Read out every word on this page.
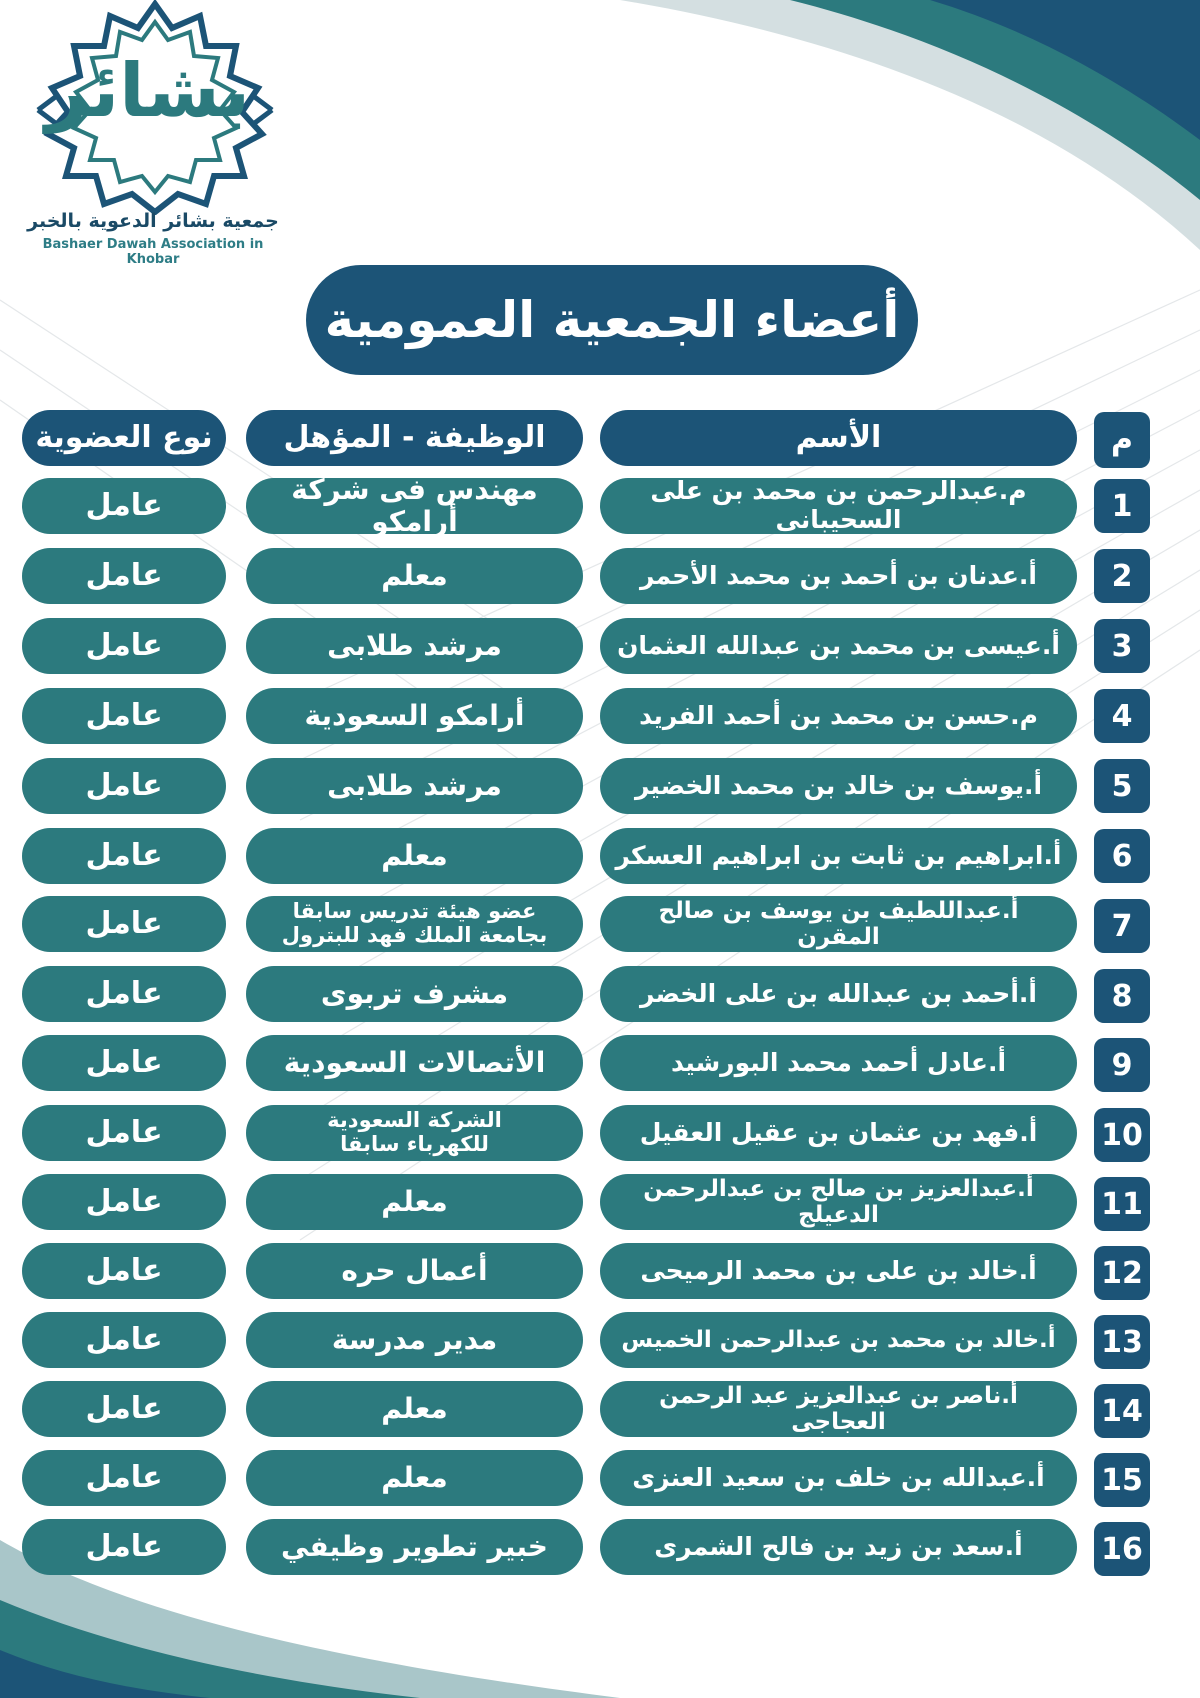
بشائر
جمعية بشائر الدعوية بالخبر
Bashaer Dawah Association in Khobar
أعضاء الجمعية العمومية
م
الأسم
الوظيفة - المؤهل
نوع العضوية
1
م.عبدالرحمن بن محمد بن على السحيبانى
مهندس فى شركة أرامكو
عامل
2
أ.عدنان بن أحمد بن محمد الأحمر
معلم
عامل
3
أ.عيسى بن محمد بن عبدالله العثمان
مرشد طلابى
عامل
4
م.حسن بن محمد بن أحمد الفريد
أرامكو السعودية
عامل
5
أ.يوسف بن خالد بن محمد الخضير
مرشد طلابى
عامل
6
أ.ابراهيم بن ثابت بن ابراهيم العسكر
معلم
عامل
7
أ.عبداللطيف بن يوسف بن صالح المقرن
عضو هيئة تدريس سابقا
بجامعة الملك فهد للبترول
عامل
8
أ.أحمد بن عبدالله بن على الخضر
مشرف تربوى
عامل
9
أ.عادل أحمد محمد البورشيد
الأتصالات السعودية
عامل
10
أ.فهد بن عثمان بن عقيل العقيل
الشركة السعودية
للكهرباء سابقا
عامل
11
أ.عبدالعزيز بن صالح بن عبدالرحمن الدعيلج
معلم
عامل
12
أ.خالد بن على بن محمد الرميحى
أعمال حره
عامل
13
أ.خالد بن محمد بن عبدالرحمن الخميس
مدير مدرسة
عامل
14
أ.ناصر بن عبدالعزيز عبد الرحمن العجاجى
معلم
عامل
15
أ.عبدالله بن خلف بن سعيد العنزى
معلم
عامل
16
أ.سعد بن زيد بن فالح الشمرى
خبير تطوير وظيفي
عامل
